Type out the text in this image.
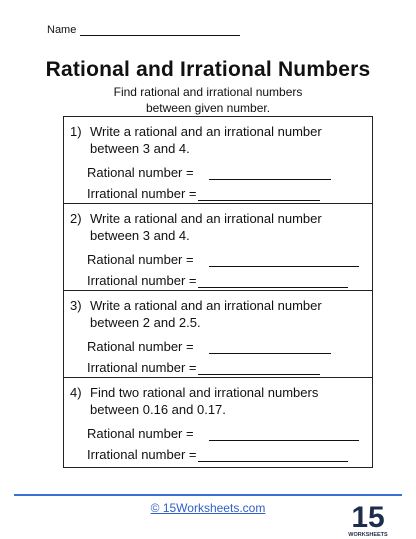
Name
Rational and Irrational Numbers
Find rational and irrational numbers
between given number.
1) Write a rational and an irrational number
between 3 and 4.
Rational number =
Irrational number =
2) Write a rational and an irrational number
between 3 and 4.
Rational number =
Irrational number =
3) Write a rational and an irrational number
between 2 and 2.5.
Rational number =
Irrational number =
4) Find two rational and irrational numbers
between 0.16 and 0.17.
Rational number =
Irrational number =
© 15Worksheets.com	15
WORKSHEETS
